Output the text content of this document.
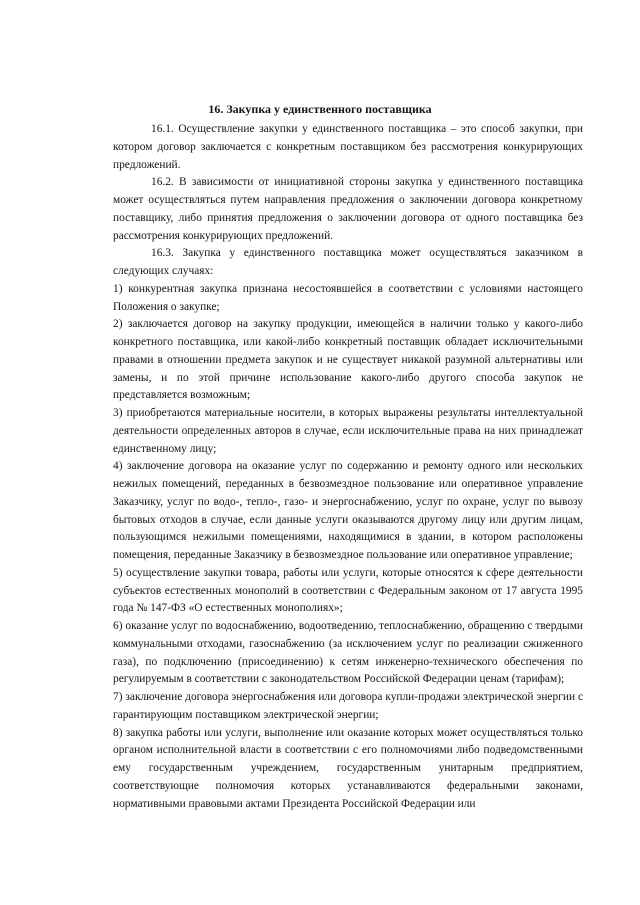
16. Закупка у единственного поставщика

16.1. Осуществление закупки у единственного поставщика – это способ закупки, при котором договор заключается с конкретным поставщиком без рассмотрения конкурирующих предложений.

16.2. В зависимости от инициативной стороны закупка у единственного поставщика может осуществляться путем направления предложения о заключении договора конкретному поставщику, либо принятия предложения о заключении договора от одного поставщика без рассмотрения конкурирующих предложений.

16.3. Закупка у единственного поставщика может осуществляться заказчиком в следующих случаях:

1) конкурентная закупка признана несостоявшейся в соответствии с условиями настоящего Положения о закупке;

2) заключается договор на закупку продукции, имеющейся в наличии только у какого-либо конкретного поставщика, или какой-либо конкретный поставщик обладает исключительными правами в отношении предмета закупок и не существует никакой разумной альтернативы или замены, и по этой причине использование какого-либо другого способа закупок не представляется возможным;

3) приобретаются материальные носители, в которых выражены результаты интеллектуальной деятельности определенных авторов в случае, если исключительные права на них принадлежат единственному лицу;

4) заключение договора на оказание услуг по содержанию и ремонту одного или нескольких нежилых помещений, переданных в безвозмездное пользование или оперативное управление Заказчику, услуг по водо-, тепло-, газо- и энергоснабжению, услуг по охране, услуг по вывозу бытовых отходов в случае, если данные услуги оказываются другому лицу или другим лицам, пользующимся нежилыми помещениями, находящимися в здании, в котором расположены помещения, переданные Заказчику в безвозмездное пользование или оперативное управление;

5) осуществление закупки товара, работы или услуги, которые относятся к сфере деятельности субъектов естественных монополий в соответствии с Федеральным законом от 17 августа 1995 года № 147-ФЗ «О естественных монополиях»;

6) оказание услуг по водоснабжению, водоотведению, теплоснабжению, обращению с твердыми коммунальными отходами, газоснабжению (за исключением услуг по реализации сжиженного газа), по подключению (присоединению) к сетям инженерно-технического обеспечения по регулируемым в соответствии с законодательством Российской Федерации ценам (тарифам);

7) заключение договора энергоснабжения или договора купли-продажи электрической энергии с гарантирующим поставщиком электрической энергии;

8) закупка работы или услуги, выполнение или оказание которых может осуществляться только органом исполнительной власти в соответствии с его полномочиями либо подведомственными ему государственным учреждением, государственным унитарным предприятием, соответствующие полномочия которых устанавливаются федеральными законами, нормативными правовыми актами Президента Российской Федерации или
